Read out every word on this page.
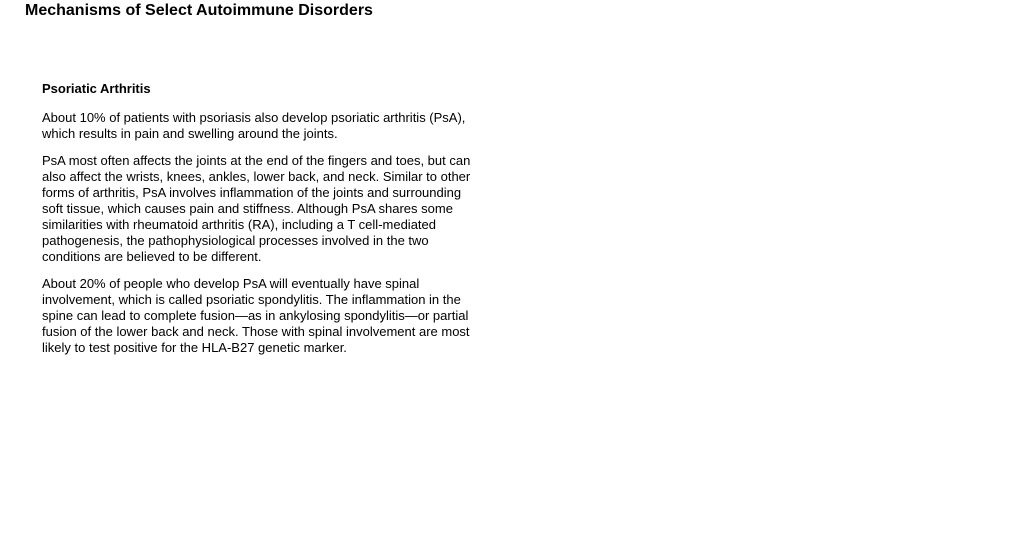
Mechanisms of Select Autoimmune Disorders
Psoriatic Arthritis

About 10% of patients with psoriasis also develop psoriatic arthritis (PsA), which results in pain and swelling around the joints.

PsA most often affects the joints at the end of the fingers and toes, but can also affect the wrists, knees, ankles, lower back, and neck. Similar to other forms of arthritis, PsA involves inflammation of the joints and surrounding soft tissue, which causes pain and stiffness. Although PsA shares some similarities with rheumatoid arthritis (RA), including a T cell-mediated pathogenesis, the pathophysiological processes involved in the two conditions are believed to be different.

About 20% of people who develop PsA will eventually have spinal involvement, which is called psoriatic spondylitis. The inflammation in the spine can lead to complete fusion—as in ankylosing spondylitis—or partial fusion of the lower back and neck. Those with spinal involvement are most likely to test positive for the HLA-B27 genetic marker.
